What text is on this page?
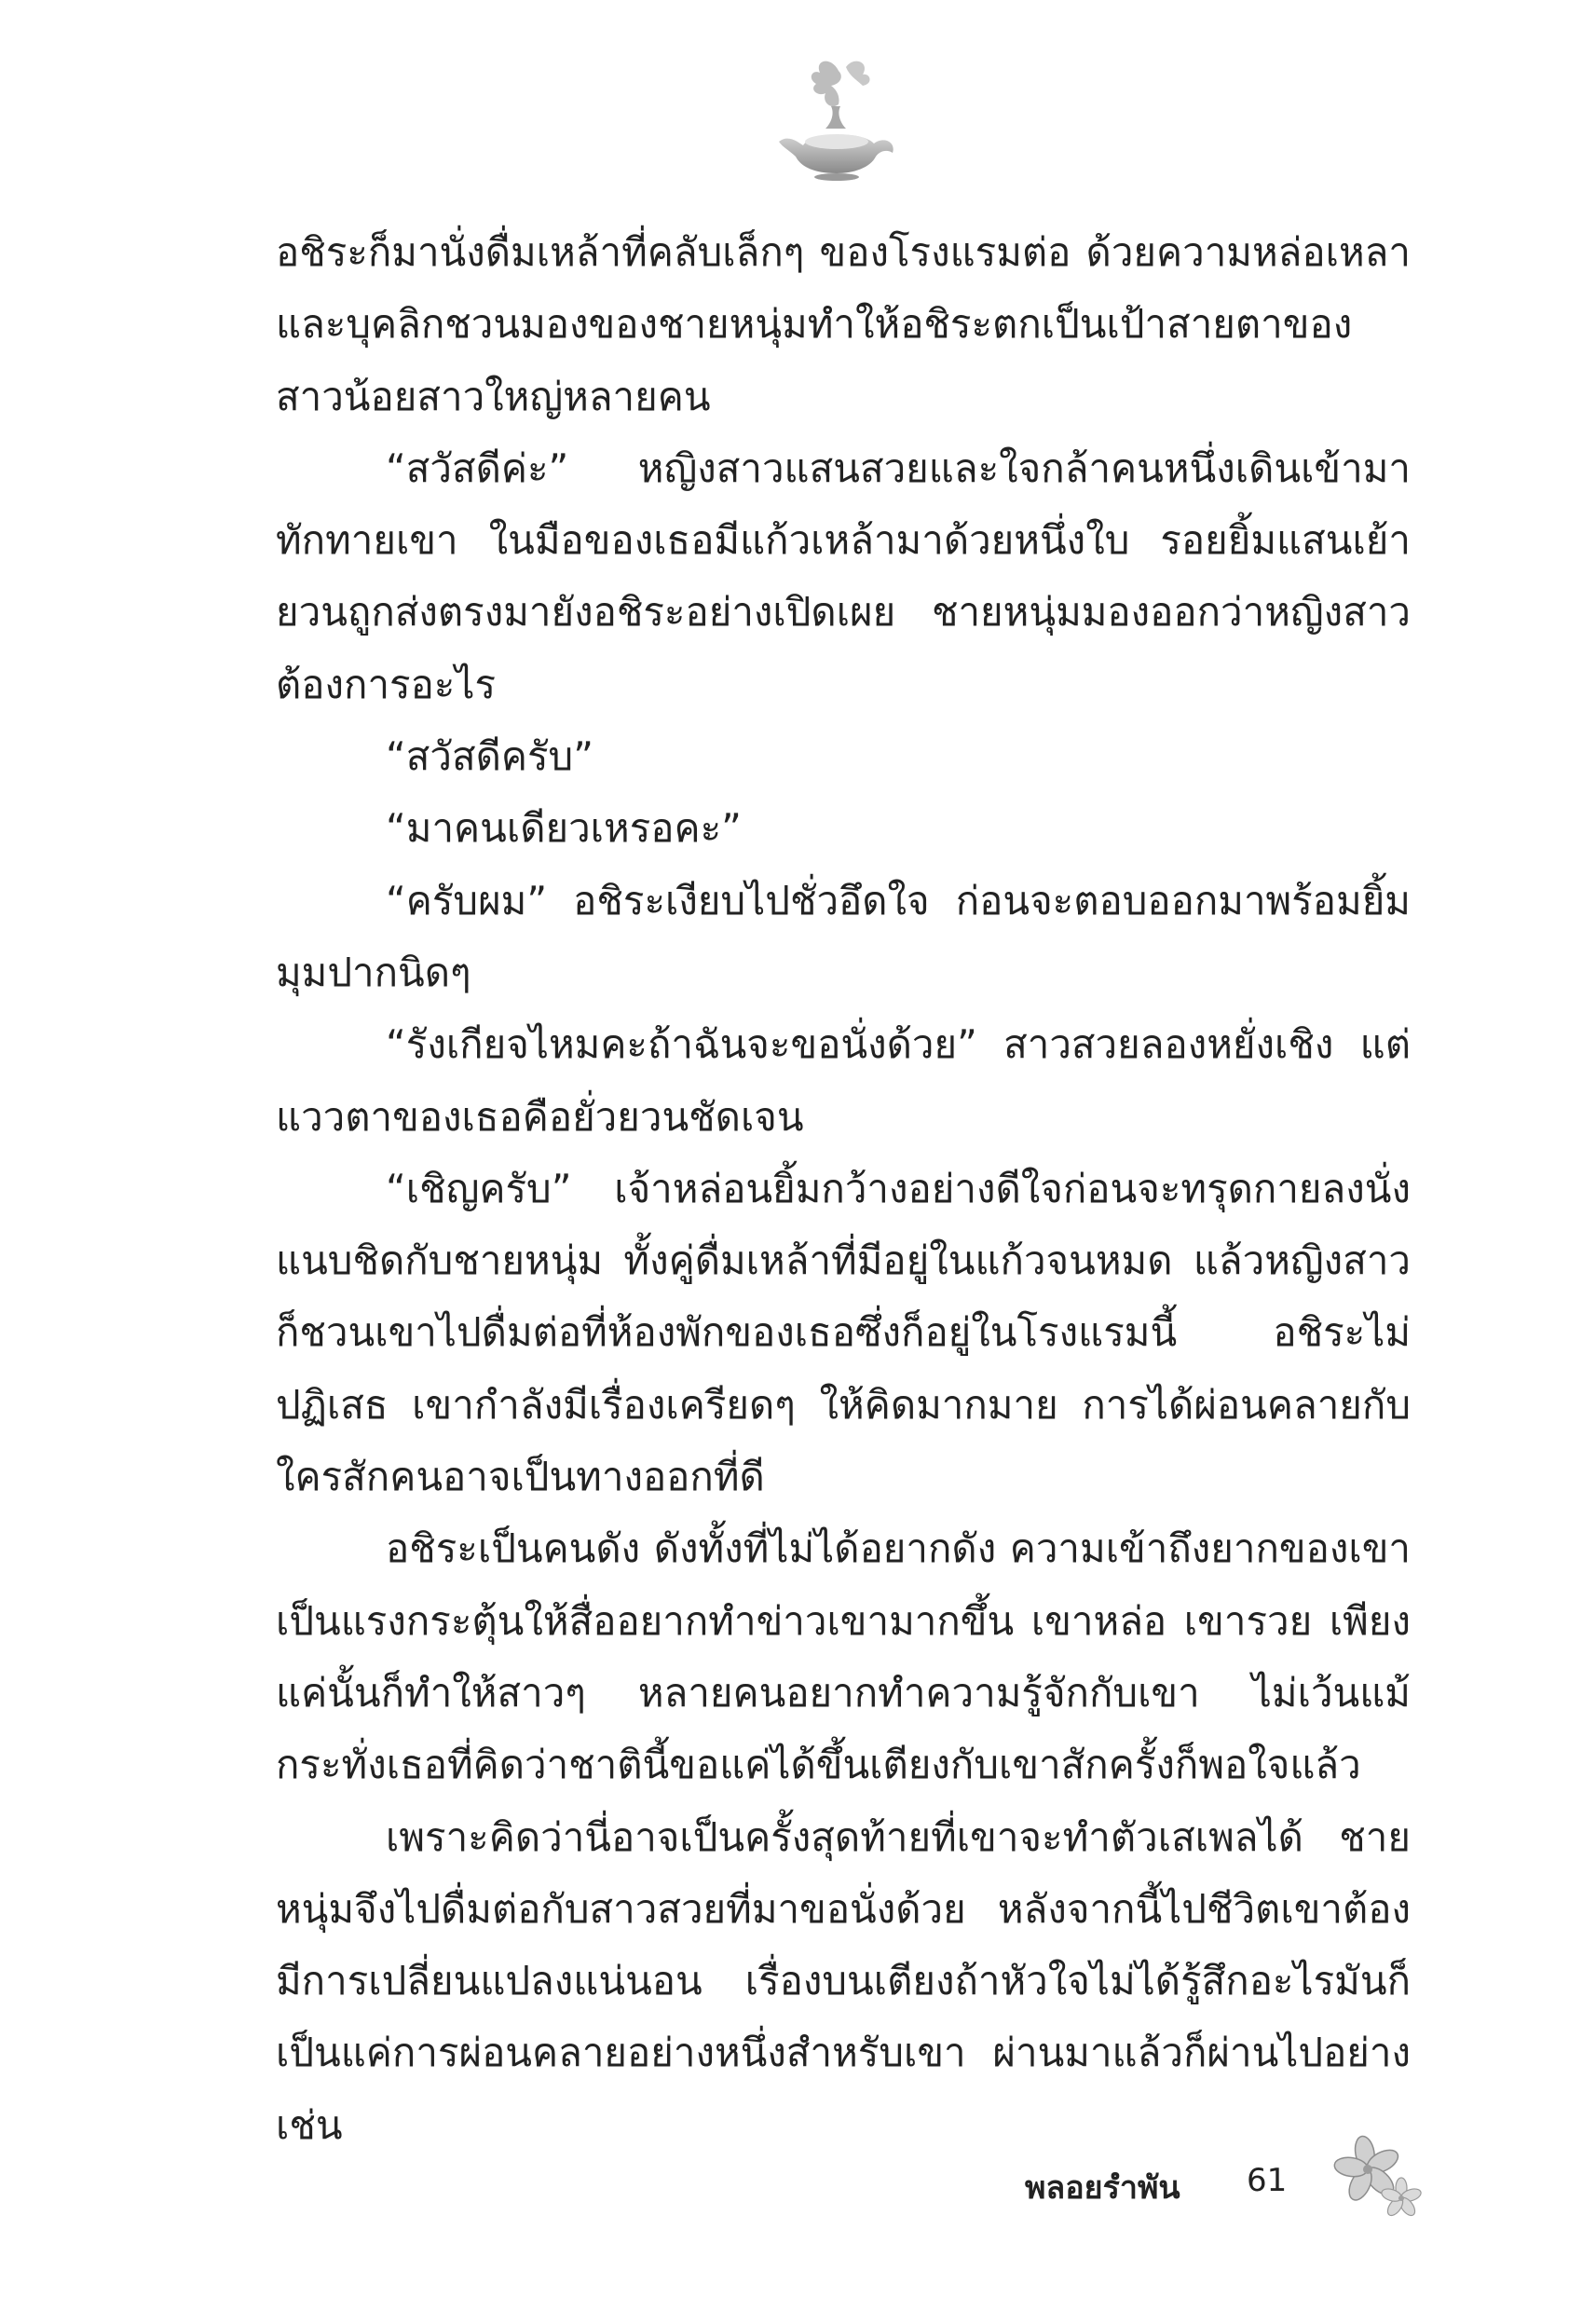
อชิระก็มานั่งดื่มเหล้าที่คลับเล็กๆ ของโรงแรมต่อ ด้วยความหล่อเหลาและบุคลิกชวนมองของชายหนุ่มทำให้อชิระตกเป็นเป้าสายตาของสาวน้อยสาวใหญ่หลายคน

“สวัสดีค่ะ” หญิงสาวแสนสวยและใจกล้าคนหนึ่งเดินเข้ามาทักทายเขา ในมือของเธอมีแก้วเหล้ามาด้วยหนึ่งใบ รอยยิ้มแสนเย้ายวนถูกส่งตรงมายังอชิระอย่างเปิดเผย ชายหนุ่มมองออกว่าหญิงสาวต้องการอะไร

“สวัสดีครับ”

“มาคนเดียวเหรอคะ”

“ครับผม” อชิระเงียบไปชั่วอึดใจ ก่อนจะตอบออกมาพร้อมยิ้มมุมปากนิดๆ

“รังเกียจไหมคะถ้าฉันจะขอนั่งด้วย” สาวสวยลองหยั่งเชิง แต่แววตาของเธอคือยั่วยวนชัดเจน

“เชิญครับ” เจ้าหล่อนยิ้มกว้างอย่างดีใจก่อนจะทรุดกายลงนั่งแนบชิดกับชายหนุ่ม ทั้งคู่ดื่มเหล้าที่มีอยู่ในแก้วจนหมด แล้วหญิงสาวก็ชวนเขาไปดื่มต่อที่ห้องพักของเธอซึ่งก็อยู่ในโรงแรมนี้ อชิระไม่ปฏิเสธ เขากำลังมีเรื่องเครียดๆ ให้คิดมากมาย การได้ผ่อนคลายกับใครสักคนอาจเป็นทางออกที่ดี

อชิระเป็นคนดัง ดังทั้งที่ไม่ได้อยากดัง ความเข้าถึงยากของเขาเป็นแรงกระตุ้นให้สื่ออยากทำข่าวเขามากขึ้น เขาหล่อ เขารวย เพียงแค่นั้นก็ทำให้สาวๆ หลายคนอยากทำความรู้จักกับเขา ไม่เว้นแม้กระทั่งเธอที่คิดว่าชาตินี้ขอแค่ได้ขึ้นเตียงกับเขาสักครั้งก็พอใจแล้ว

เพราะคิดว่านี่อาจเป็นครั้งสุดท้ายที่เขาจะทำตัวเสเพลได้ ชายหนุ่มจึงไปดื่มต่อกับสาวสวยที่มาขอนั่งด้วย หลังจากนี้ไปชีวิตเขาต้องมีการเปลี่ยนแปลงแน่นอน เรื่องบนเตียงถ้าหัวใจไม่ได้รู้สึกอะไรมันก็เป็นแค่การผ่อนคลายอย่างหนึ่งสำหรับเขา ผ่านมาแล้วก็ผ่านไปอย่างเช่น

พลอยรำพัน	61
